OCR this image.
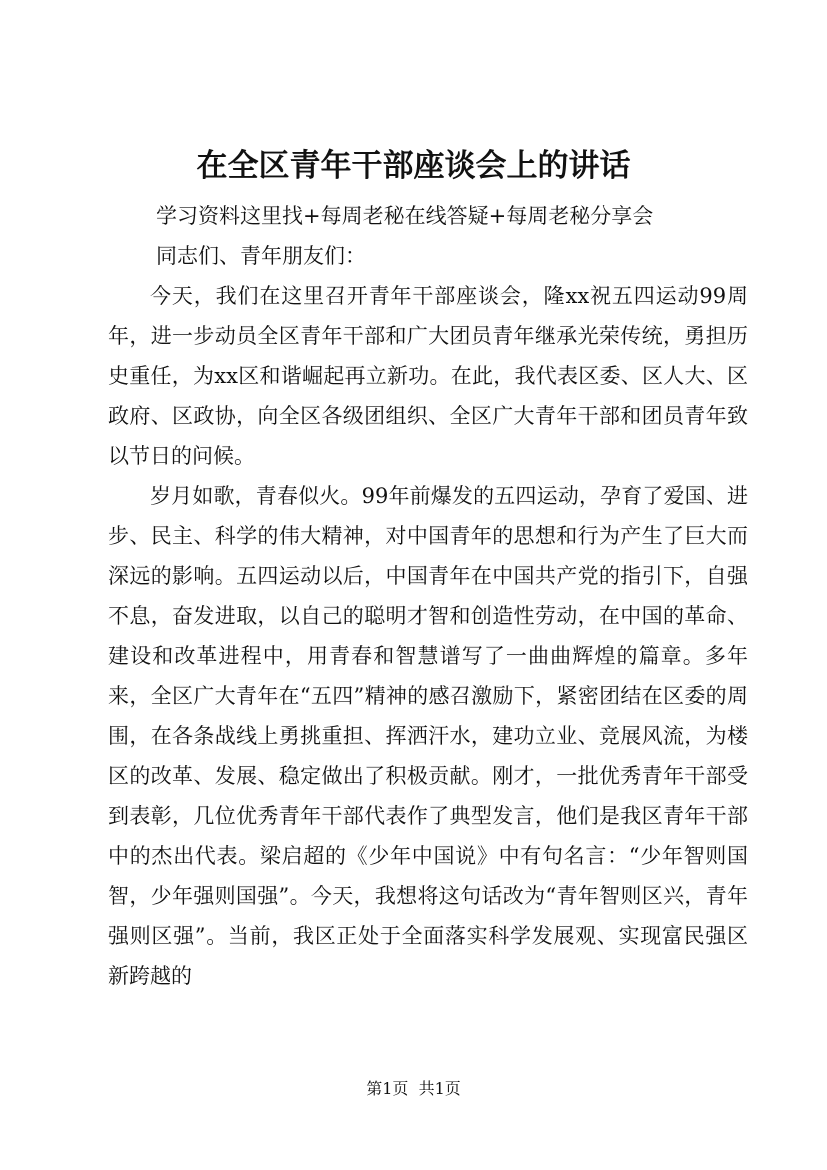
在全区青年干部座谈会上的讲话

学习资料这里找+每周老秘在线答疑+每周老秘分享会

同志们、青年朋友们：

今天，我们在这里召开青年干部座谈会，隆xx祝五四运动99周年，进一步动员全区青年干部和广大团员青年继承光荣传统，勇担历史重任，为xx区和谐崛起再立新功。在此，我代表区委、区人大、区政府、区政协，向全区各级团组织、全区广大青年干部和团员青年致以节日的问候。

岁月如歌，青春似火。99年前爆发的五四运动，孕育了爱国、进步、民主、科学的伟大精神，对中国青年的思想和行为产生了巨大而深远的影响。五四运动以后，中国青年在中国共产党的指引下，自强不息，奋发进取，以自己的聪明才智和创造性劳动，在中国的革命、建设和改革进程中，用青春和智慧谱写了一曲曲辉煌的篇章。多年来，全区广大青年在“五四”精神的感召激励下，紧密团结在区委的周围，在各条战线上勇挑重担、挥洒汗水，建功立业、竞展风流，为楼区的改革、发展、稳定做出了积极贡献。刚才，一批优秀青年干部受到表彰，几位优秀青年干部代表作了典型发言，他们是我区青年干部中的杰出代表。梁启超的《少年中国说》中有句名言：“少年智则国智，少年强则国强”。今天，我想将这句话改为“青年智则区兴，青年强则区强”。当前，我区正处于全面落实科学发展观、实现富民强区新跨越的

第1页  共1页
